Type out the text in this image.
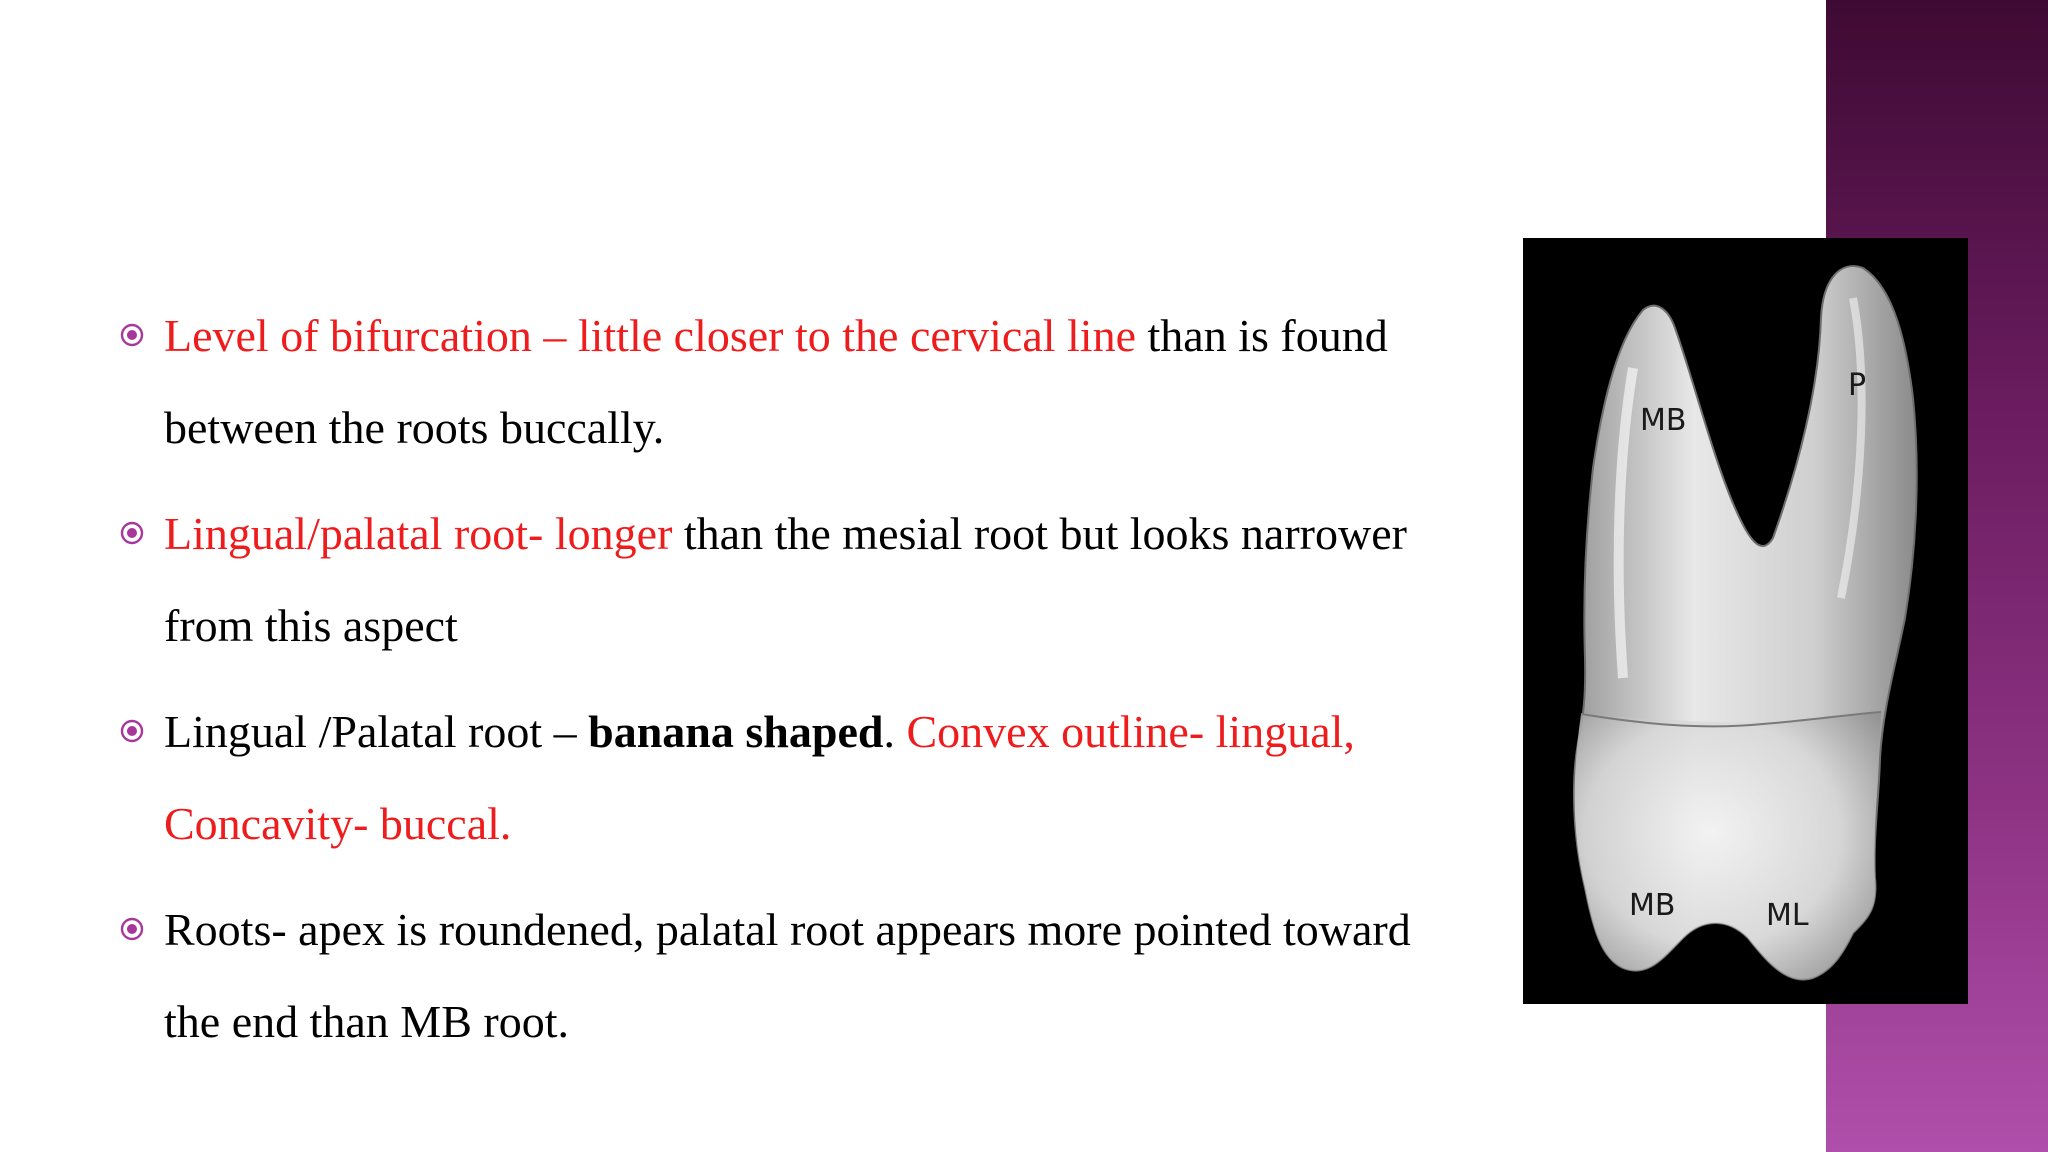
Level of bifurcation – little closer to the cervical line than is found between the roots buccally.
Lingual/palatal root- longer than the mesial root but looks narrower from this aspect
Lingual /Palatal root – banana shaped. Convex outline- lingual, Concavity- buccal.
Roots- apex is roundened, palatal root appears more pointed toward the end than MB root.
MB
P
MB	ML
